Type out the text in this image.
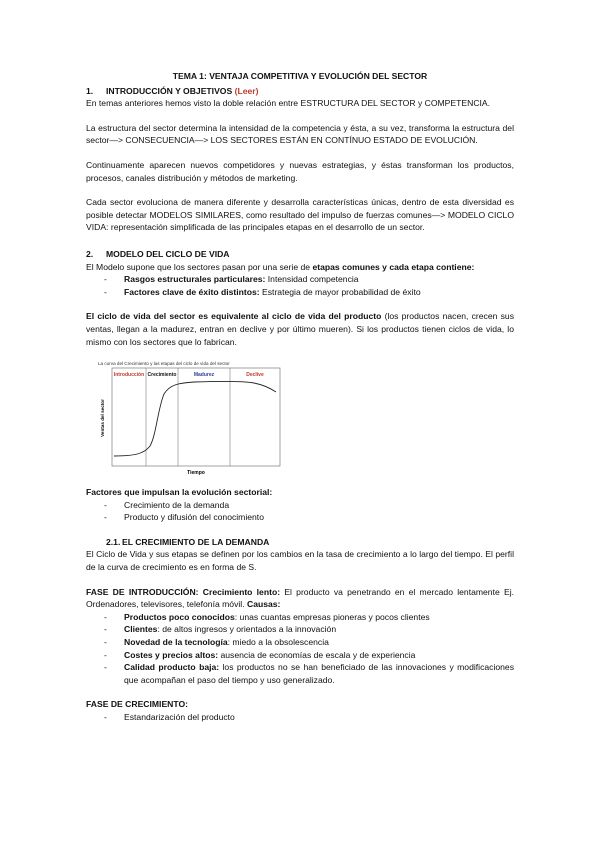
TEMA 1: VENTAJA COMPETITIVA Y EVOLUCIÓN DEL SECTOR
1. INTRODUCCIÓN Y OBJETIVOS (Leer)

En temas anteriores hemos visto la doble relación entre ESTRUCTURA DEL SECTOR y COMPETENCIA.

La estructura del sector determina la intensidad de la competencia y ésta, a su vez, transforma la estructura del sector—> CONSECUENCIA—> LOS SECTORES ESTÁN EN CONTÍNUO ESTADO DE EVOLUCIÓN.

Continuamente aparecen nuevos competidores y nuevas estrategias, y éstas transforman los productos, procesos, canales distribución y métodos de marketing.

Cada sector evoluciona de manera diferente y desarrolla características únicas, dentro de esta diversidad es posible detectar MODELOS SIMILARES, como resultado del impulso de fuerzas comunes—> MODELO CICLO VIDA: representación simplificada de las principales etapas en el desarrollo de un sector.

2. MODELO DEL CICLO DE VIDA

El Modelo supone que los sectores pasan por una serie de etapas comunes y cada etapa contiene:

- Rasgos estructurales particulares: Intensidad competencia
- Factores clave de éxito distintos: Estrategia de mayor probabilidad de éxito

El ciclo de vida del sector es equivalente al ciclo de vida del producto (los productos nacen, crecen sus ventas, llegan a la madurez, entran en declive y por último mueren). Si los productos tienen ciclos de vida, lo mismo con los sectores que lo fabrican.

La curva del Crecimiento y las etapas del ciclo de vida del sector
Introducción Crecimiento	Madurez	Declive
Ventas del sector
Tiempo

Factores que impulsan la evolución sectorial:

- Crecimiento de la demanda
- Producto y difusión del conocimiento
2.1. EL CRECIMIENTO DE LA DEMANDA

El Ciclo de Vida y sus etapas se definen por los cambios en la tasa de crecimiento a lo largo del tiempo. El perfil de la curva de crecimiento es en forma de S.

FASE DE INTRODUCCIÓN: Crecimiento lento: El producto va penetrando en el mercado lentamente Ej. Ordenadores, televisores, telefonía móvil. Causas:

- Productos poco conocidos: unas cuantas empresas pioneras y pocos clientes
- Clientes: de altos ingresos y orientados a la innovación
- Novedad de la tecnología: miedo a la obsolescencia
- Costes y precios altos: ausencia de economías de escala y de experiencia
- Calidad producto baja: los productos no se han beneficiado de las innovaciones y modificaciones que acompañan el paso del tiempo y uso generalizado.

FASE DE CRECIMIENTO:

- Estandarización del producto
